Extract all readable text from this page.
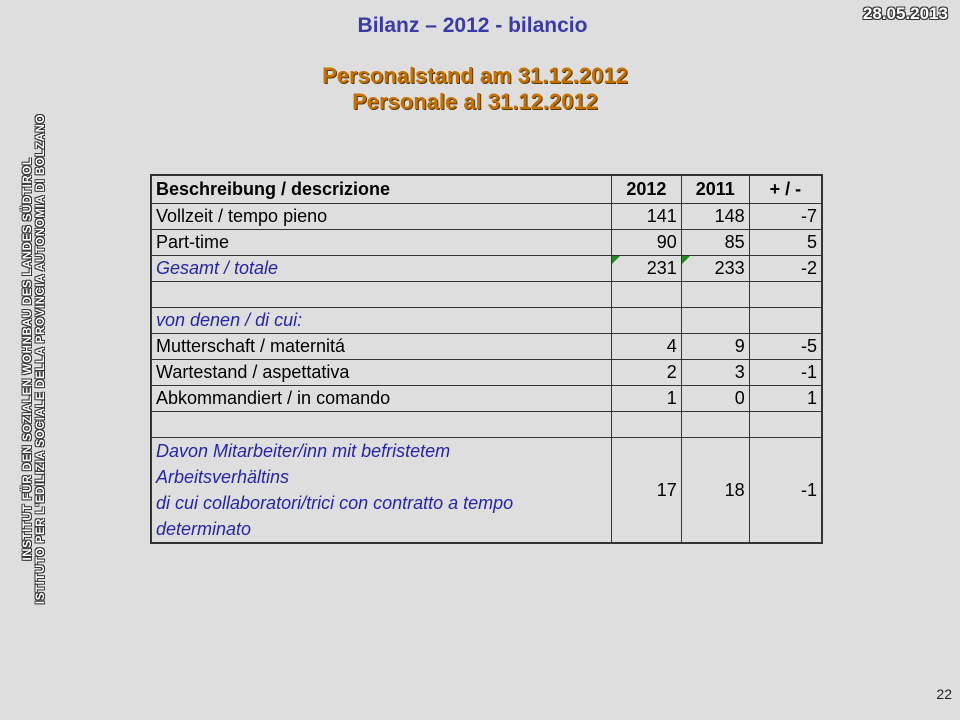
Bilanz – 2012 - bilancio
28.05.2013
INSTITUT FÜR DEN SOZIALEN WOHNBAU DES LANDES SÜDTIROL ISTITUTO PER L'EDILIZIA SOCIALE DELLA PROVINCIA AUTONOMIA DI BOLZANO
Personalstand am 31.12.2012
Personale al 31.12.2012
Beschreibung / descrizione	2012	2011	+ / -
Vollzeit / tempo pieno	141	148	-7
Part-time	90	85	5
Gesamt / totale	231	233	-2

von denen / di cui:			
Mutterschaft / maternitá	4	9	-5
Wartestand / aspettativa	2	3	-1
Abkommandiert / in comando	1	0	1

Davon Mitarbeiter/inn mit befristetem
Arbeitsverhältins
di cui collaboratori/trici con contratto a tempo
determinato	17	18	-1
22
